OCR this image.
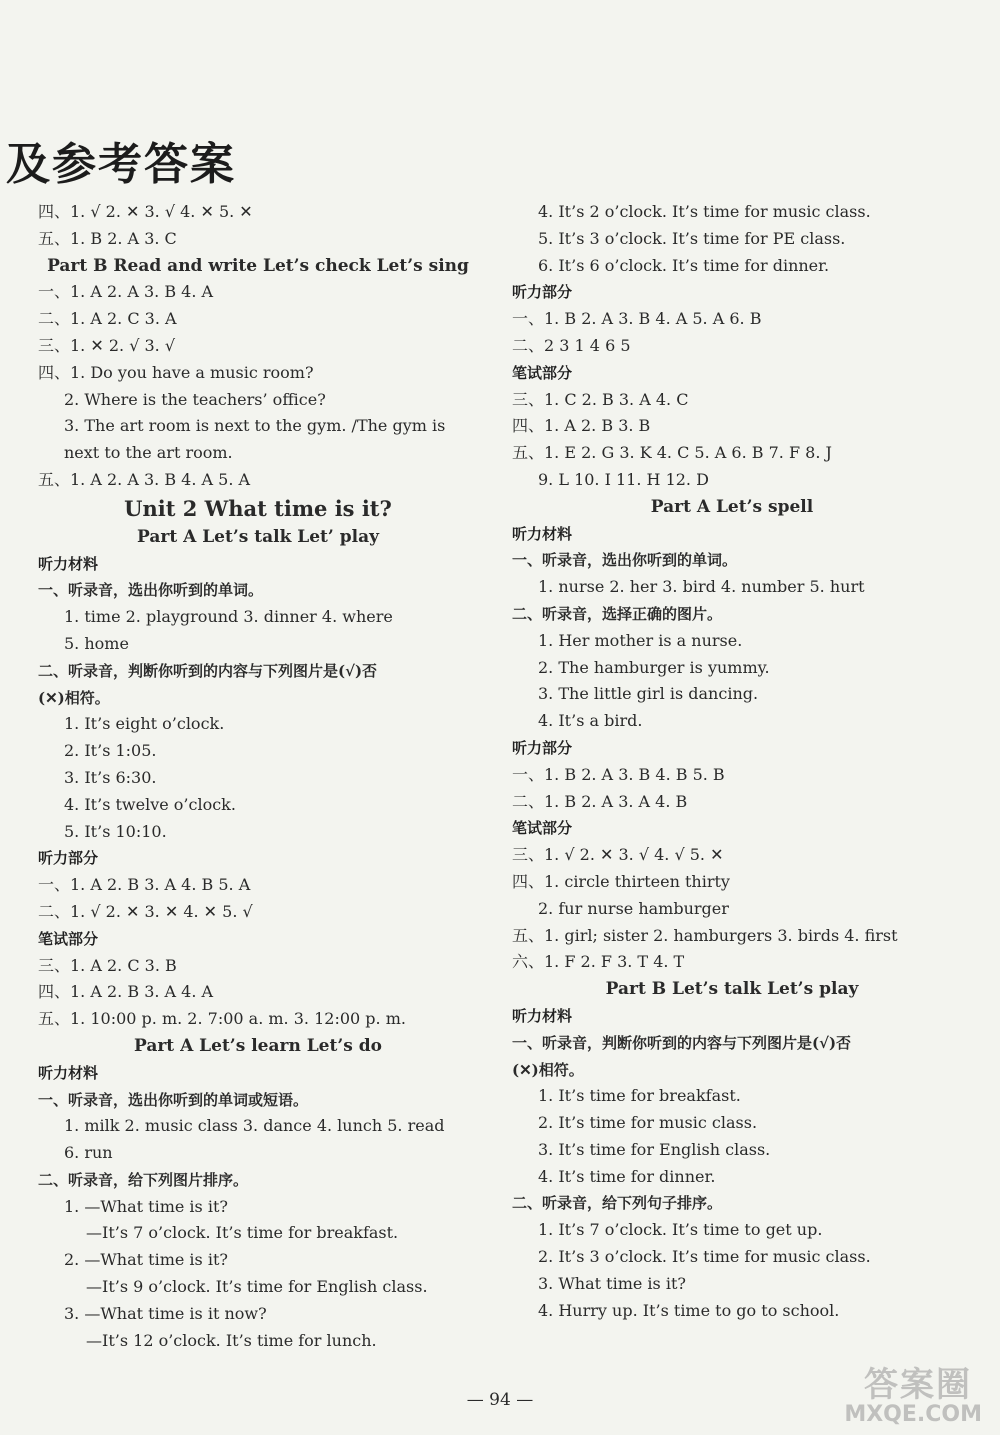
及参考答案
四、1. √ 2. ✕ 3. √ 4. ✕ 5. ✕
五、1. B 2. A 3. C
Part B Read and write Let’s check Let’s sing
一、1. A 2. A 3. B 4. A
二、1. A 2. C 3. A
三、1. ✕ 2. √ 3. √
四、1. Do you have a music room?
2. Where is the teachers’ office?
3. The art room is next to the gym. /The gym is
next to the art room.
五、1. A 2. A 3. B 4. A 5. A
Unit 2 What time is it?
Part A Let’s talk Let’ play
听力材料
一、听录音，选出你听到的单词。
1. time 2. playground 3. dinner 4. where
5. home
二、听录音，判断你听到的内容与下列图片是(√)否
(✕)相符。
1. It’s eight o’clock.
2. It’s 1:05.
3. It’s 6:30.
4. It’s twelve o’clock.
5. It’s 10:10.
听力部分
一、1. A 2. B 3. A 4. B 5. A
二、1. √ 2. ✕ 3. ✕ 4. ✕ 5. √
笔试部分
三、1. A 2. C 3. B
四、1. A 2. B 3. A 4. A
五、1. 10:00 p. m. 2. 7:00 a. m. 3. 12:00 p. m.
Part A Let’s learn Let’s do
听力材料
一、听录音，选出你听到的单词或短语。
1. milk 2. music class 3. dance 4. lunch 5. read
6. run
二、听录音，给下列图片排序。
1. —What time is it?
—It’s 7 o’clock. It’s time for breakfast.
2. —What time is it?
—It’s 9 o’clock. It’s time for English class.
3. —What time is it now?
—It’s 12 o’clock. It’s time for lunch.
4. It’s 2 o’clock. It’s time for music class.
5. It’s 3 o’clock. It’s time for PE class.
6. It’s 6 o’clock. It’s time for dinner.
听力部分
一、1. B 2. A 3. B 4. A 5. A 6. B
二、2 3 1 4 6 5
笔试部分
三、1. C 2. B 3. A 4. C
四、1. A 2. B 3. B
五、1. E 2. G 3. K 4. C 5. A 6. B 7. F 8. J
9. L 10. I 11. H 12. D
Part A Let’s spell
听力材料
一、听录音，选出你听到的单词。
1. nurse 2. her 3. bird 4. number 5. hurt
二、听录音，选择正确的图片。
1. Her mother is a nurse.
2. The hamburger is yummy.
3. The little girl is dancing.
4. It’s a bird.
听力部分
一、1. B 2. A 3. B 4. B 5. B
二、1. B 2. A 3. A 4. B
笔试部分
三、1. √ 2. ✕ 3. √ 4. √ 5. ✕
四、1. circle thirteen thirty
2. fur nurse hamburger
五、1. girl; sister 2. hamburgers 3. birds 4. first
六、1. F 2. F 3. T 4. T
Part B Let’s talk Let’s play
听力材料
一、听录音，判断你听到的内容与下列图片是(√)否
(✕)相符。
1. It’s time for breakfast.
2. It’s time for music class.
3. It’s time for English class.
4. It’s time for dinner.
二、听录音，给下列句子排序。
1. It’s 7 o’clock. It’s time to get up.
2. It’s 3 o’clock. It’s time for music class.
3. What time is it?
4. Hurry up. It’s time to go to school.
— 94 —	答案圈
MXQE.COM
